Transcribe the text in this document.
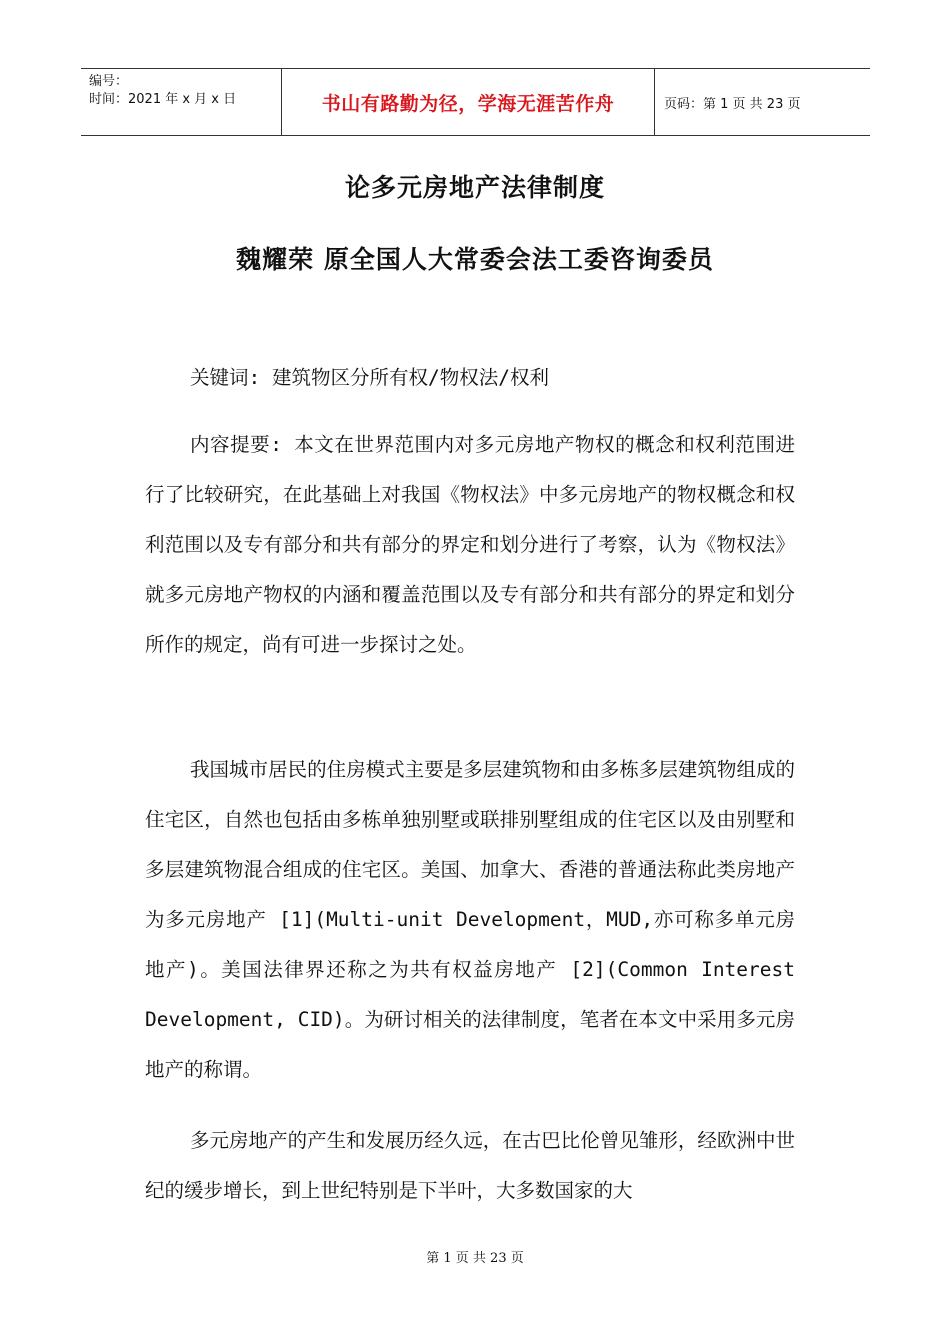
编号：
时间：2021 年 x 月 x 日	书山有路勤为径，学海无涯苦作舟	页码：第 1 页 共 23 页
论多元房地产法律制度
魏耀荣 原全国人大常委会法工委咨询委员

关键词: 建筑物区分所有权/物权法/权利

内容提要: 本文在世界范围内对多元房地产物权的概念和权利范围进行了比较研究，在此基础上对我国《物权法》中多元房地产的物权概念和权利范围以及专有部分和共有部分的界定和划分进行了考察，认为《物权法》就多元房地产物权的内涵和覆盖范围以及专有部分和共有部分的界定和划分所作的规定，尚有可进一步探讨之处。

我国城市居民的住房模式主要是多层建筑物和由多栋多层建筑物组成的住宅区，自然也包括由多栋单独别墅或联排别墅组成的住宅区以及由别墅和多层建筑物混合组成的住宅区。美国、加拿大、香港的普通法称此类房地产为多元房地产 [1](Multi-unit Development，MUD,亦可称多单元房地产)。美国法律界还称之为共有权益房地产 [2](Common Interest Development, CID)。为研讨相关的法律制度，笔者在本文中采用多元房地产的称谓。

多元房地产的产生和发展历经久远，在古巴比伦曾见雏形，经欧洲中世纪的缓步增长，到上世纪特别是下半叶，大多数国家的大

第 1 页 共 23 页
